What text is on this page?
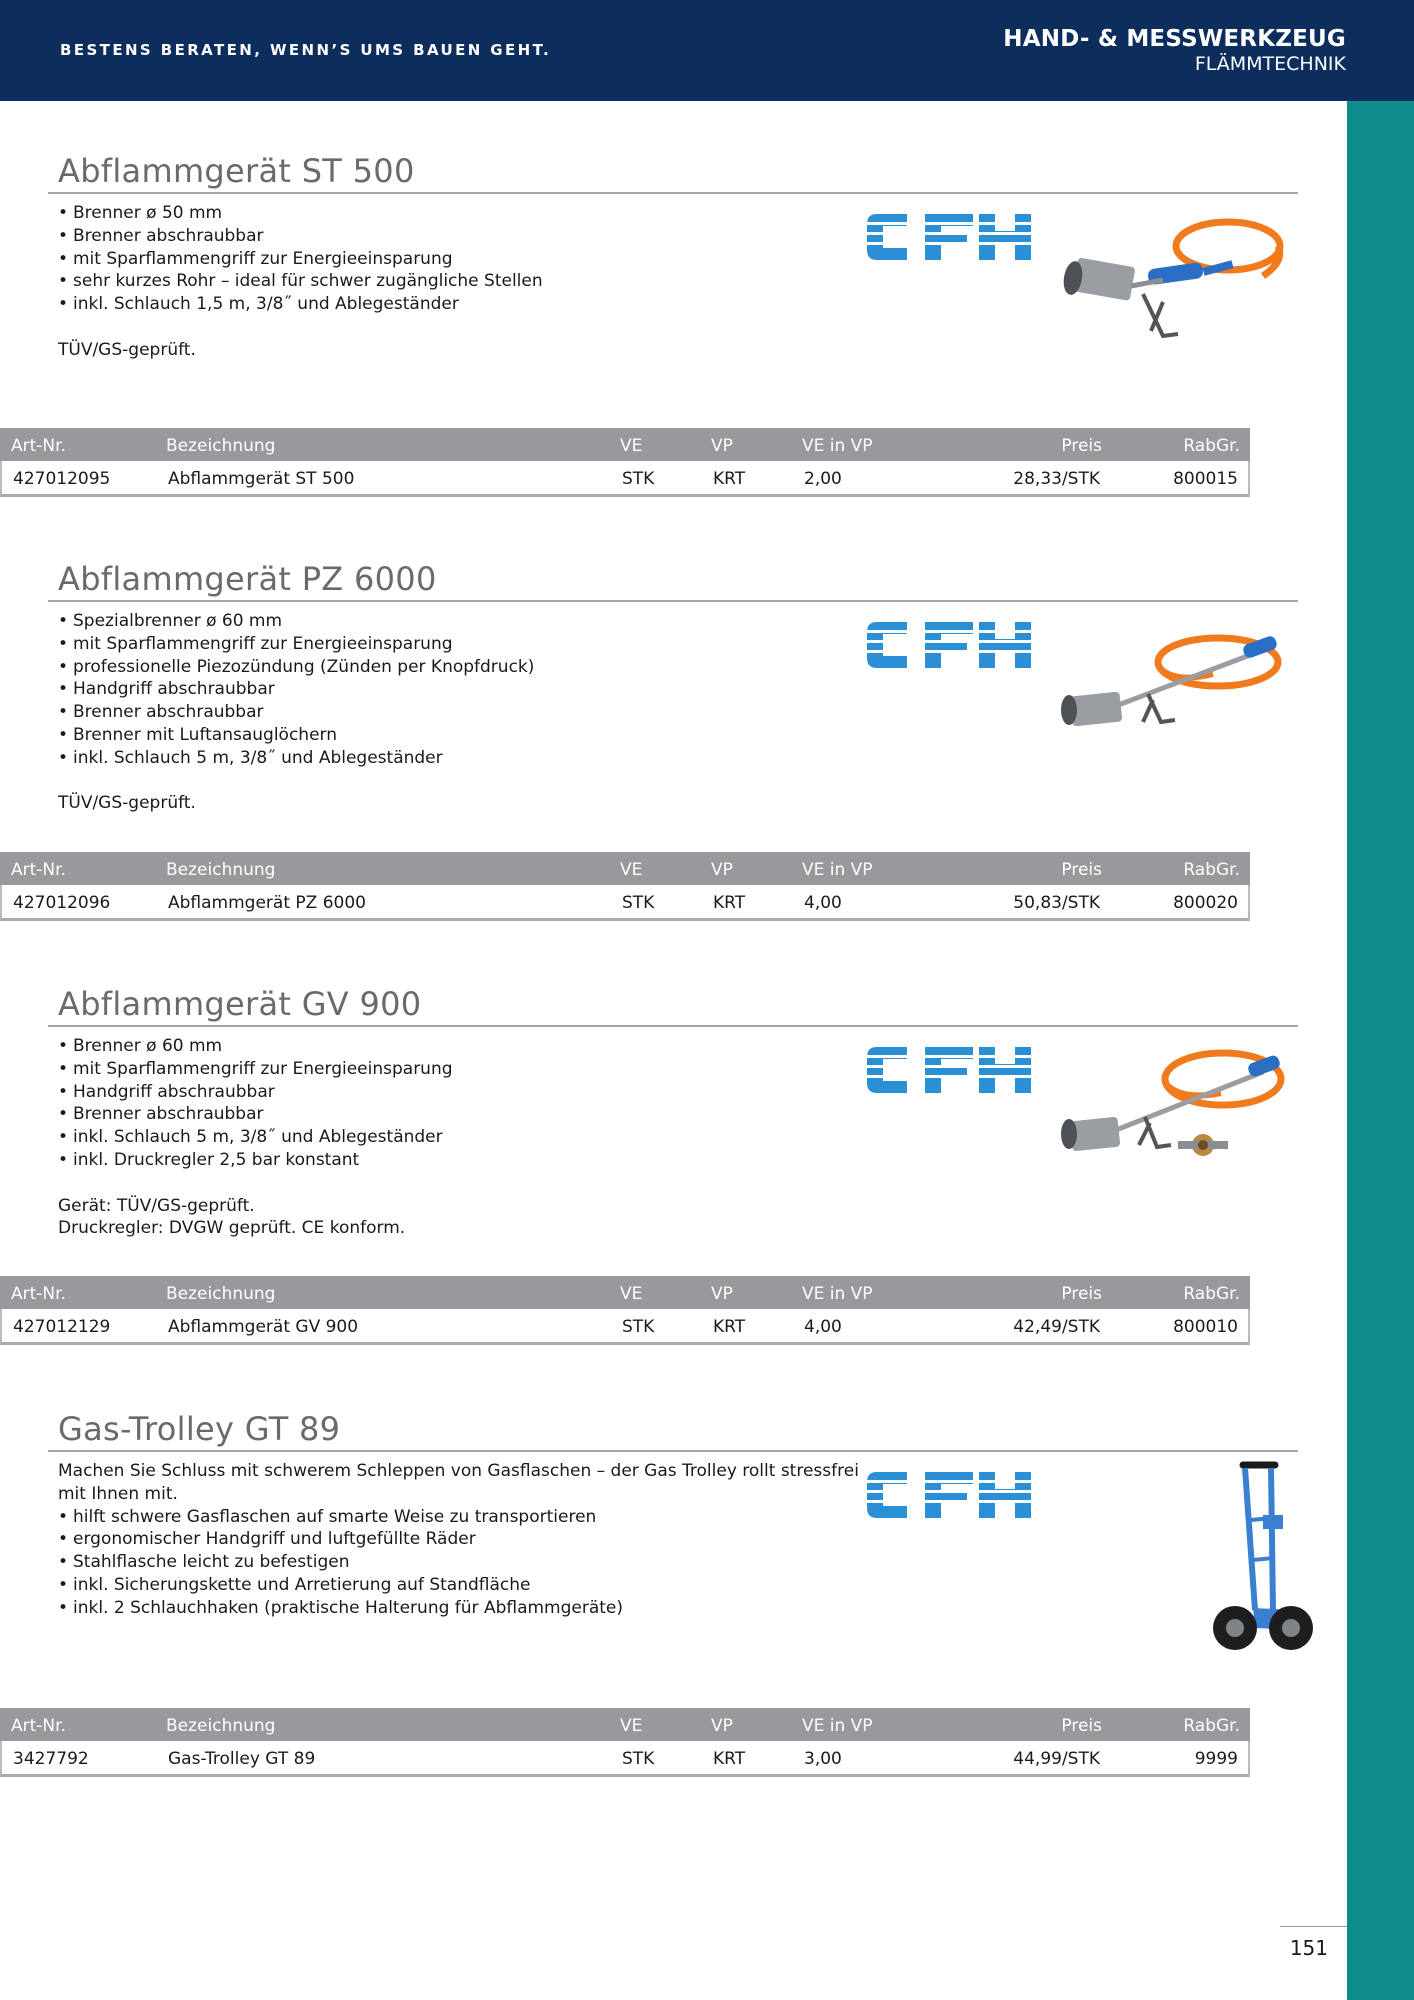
BESTENS BERATEN, WENN’S UMS BAUEN GEHT.	HAND- & MESSWERKZEUG
FLÄMMTECHNIK
Abflammgerät ST 500
• Brenner ø 50 mm
• Brenner abschraubbar
• mit Sparflammengriff zur Energieeinsparung
• sehr kurzes Rohr – ideal für schwer zugängliche Stellen
• inkl. Schlauch 1,5 m, 3/8˝ und Ablegeständer
TÜV/GS-geprüft.
Art-Nr.	Bezeichnung	VE	VP	VE in VP	Preis	RabGr.
427012095	Abflammgerät ST 500	STK	KRT	2,00	28,33/STK	800015
Abflammgerät PZ 6000
• Spezialbrenner ø 60 mm
• mit Sparflammengriff zur Energieeinsparung
• professionelle Piezozündung (Zünden per Knopfdruck)
• Handgriff abschraubbar
• Brenner abschraubbar
• Brenner mit Luftansauglöchern
• inkl. Schlauch 5 m, 3/8˝ und Ablegeständer
TÜV/GS-geprüft.
Art-Nr.	Bezeichnung	VE	VP	VE in VP	Preis	RabGr.
427012096	Abflammgerät PZ 6000	STK	KRT	4,00	50,83/STK	800020
Abflammgerät GV 900
• Brenner ø 60 mm
• mit Sparflammengriff zur Energieeinsparung
• Handgriff abschraubbar
• Brenner abschraubbar
• inkl. Schlauch 5 m, 3/8˝ und Ablegeständer
• inkl. Druckregler 2,5 bar konstant
Gerät: TÜV/GS-geprüft.
Druckregler: DVGW geprüft. CE konform.
Art-Nr.	Bezeichnung	VE	VP	VE in VP	Preis	RabGr.
427012129	Abflammgerät GV 900	STK	KRT	4,00	42,49/STK	800010
Gas-Trolley GT 89
Machen Sie Schluss mit schwerem Schleppen von Gasflaschen – der Gas Trolley rollt stressfrei mit Ihnen mit.
• hilft schwere Gasflaschen auf smarte Weise zu transportieren
• ergonomischer Handgriff und luftgefüllte Räder
• Stahlflasche leicht zu befestigen
• inkl. Sicherungskette und Arretierung auf Standfläche
• inkl. 2 Schlauchhaken (praktische Halterung für Abflammgeräte)
Art-Nr.	Bezeichnung	VE	VP	VE in VP	Preis	RabGr.
3427792	Gas-Trolley GT 89	STK	KRT	3,00	44,99/STK	9999
151
